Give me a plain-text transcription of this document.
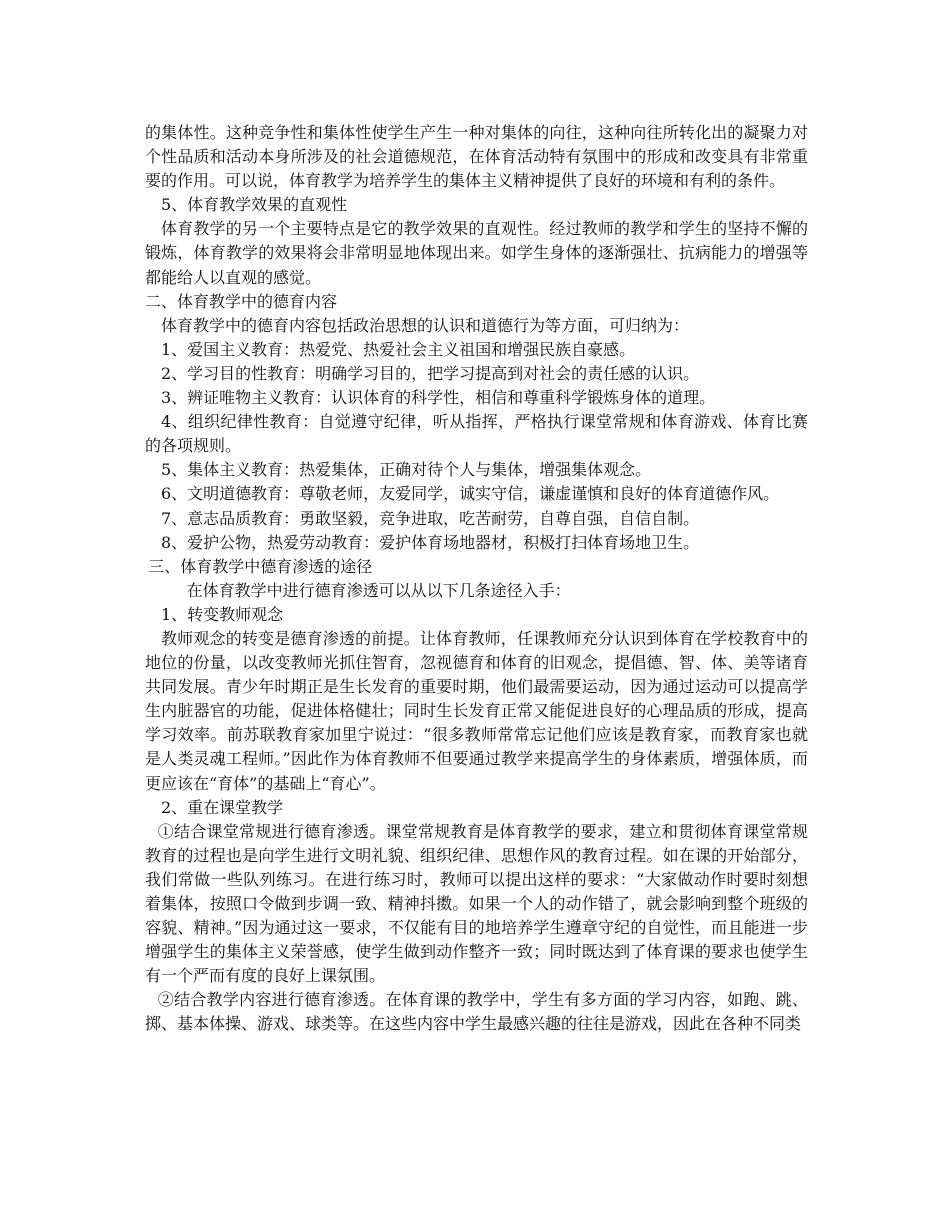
的集体性。这种竞争性和集体性使学生产生一种对集体的向往，这种向往所转化出的凝聚力对个性品质和活动本身所涉及的社会道德规范，在体育活动特有氛围中的形成和改变具有非常重要的作用。可以说，体育教学为培养学生的集体主义精神提供了良好的环境和有利的条件。

5、体育教学效果的直观性

体育教学的另一个主要特点是它的教学效果的直观性。经过教师的教学和学生的坚持不懈的锻炼，体育教学的效果将会非常明显地体现出来。如学生身体的逐渐强壮、抗病能力的增强等都能给人以直观的感觉。

二、体育教学中的德育内容

体育教学中的德育内容包括政治思想的认识和道德行为等方面，可归纳为：

1、爱国主义教育：热爱党、热爱社会主义祖国和增强民族自豪感。

2、学习目的性教育：明确学习目的，把学习提高到对社会的责任感的认识。

3、辨证唯物主义教育：认识体育的科学性，相信和尊重科学锻炼身体的道理。

4、组织纪律性教育：自觉遵守纪律，听从指挥，严格执行课堂常规和体育游戏、体育比赛的各项规则。

5、集体主义教育：热爱集体，正确对待个人与集体，增强集体观念。

6、文明道德教育：尊敬老师，友爱同学，诚实守信，谦虚谨慎和良好的体育道德作风。

7、意志品质教育：勇敢坚毅，竞争进取，吃苦耐劳，自尊自强，自信自制。

8、爱护公物，热爱劳动教育：爱护体育场地器材，积极打扫体育场地卫生。

三、体育教学中德育渗透的途径

在体育教学中进行德育渗透可以从以下几条途径入手：

1、转变教师观念

教师观念的转变是德育渗透的前提。让体育教师，任课教师充分认识到体育在学校教育中的地位的份量，以改变教师光抓住智育，忽视德育和体育的旧观念，提倡德、智、体、美等诸育共同发展。青少年时期正是生长发育的重要时期，他们最需要运动，因为通过运动可以提高学生内脏器官的功能，促进体格健壮；同时生长发育正常又能促进良好的心理品质的形成，提高学习效率。前苏联教育家加里宁说过：“很多教师常常忘记他们应该是教育家，而教育家也就是人类灵魂工程师。”因此作为体育教师不但要通过教学来提高学生的身体素质，增强体质，而更应该在“育体”的基础上“育心”。

2、重在课堂教学

①结合课堂常规进行德育渗透。课堂常规教育是体育教学的要求，建立和贯彻体育课堂常规教育的过程也是向学生进行文明礼貌、组织纪律、思想作风的教育过程。如在课的开始部分，我们常做一些队列练习。在进行练习时，教师可以提出这样的要求：“大家做动作时要时刻想着集体，按照口令做到步调一致、精神抖擞。如果一个人的动作错了，就会影响到整个班级的容貌、精神。”因为通过这一要求，不仅能有目的地培养学生遵章守纪的自觉性，而且能进一步增强学生的集体主义荣誉感，使学生做到动作整齐一致；同时既达到了体育课的要求也使学生有一个严而有度的良好上课氛围。

②结合教学内容进行德育渗透。在体育课的教学中，学生有多方面的学习内容，如跑、跳、掷、基本体操、游戏、球类等。在这些内容中学生最感兴趣的往往是游戏，因此在各种不同类
